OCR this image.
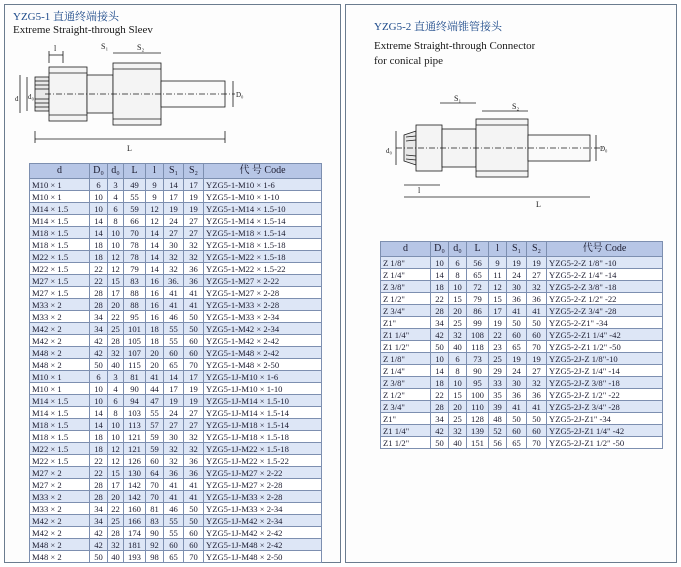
YZG5-1 直通终端接头
Extreme Straight-through Sleev
S₁	S₂
l
L
d d₀	D₀
d	D₀	d₀	L	l	S₁	S₂	代 号 Code
M10 × 1	6	3	49	9	14	17	YZG5-1-M10 × 1-6
M10 × 1	10	4	55	9	17	19	YZG5-1-M10 × 1-10
M14 × 1.5	10	6	59	12	19	19	YZG5-1-M14 × 1.5-10
M14 × 1.5	14	8	66	12	24	27	YZG5-1-M14 × 1.5-14
M18 × 1.5	14	10	70	14	27	27	YZG5-1-M18 × 1.5-14
M18 × 1.5	18	10	78	14	30	32	YZG5-1-M18 × 1.5-18
M22 × 1.5	18	12	78	14	32	32	YZG5-1-M22 × 1.5-18
M22 × 1.5	22	12	79	14	32	36	YZG5-1-M22 × 1.5-22
M27 × 1.5	22	15	83	16	36.	36	YZG5-1-M27 × 2-22
M27 × 1.5	28	17	88	16	41	41	YZG5-1-M27 × 2-28
M33 × 2	28	20	88	16	41	41	YZG5-1-M33 × 2-28
M33 × 2	34	22	95	16	46	50	YZG5-1-M33 × 2-34
M42 × 2	34	25	101	18	55	50	YZG5-1-M42 × 2-34
M42 × 2	42	28	105	18	55	60	YZG5-1-M42 × 2-42
M48 × 2	42	32	107	20	60	60	YZG5-1-M48 × 2-42
M48 × 2	50	40	115	20	65	70	YZG5-1-M48 × 2-50
M10 × 1	6	3	81	41	14	17	YZG5-1J-M10 × 1-6
M10 × 1	10	4	90	44	17	19	YZG5-1J-M10 × 1-10
M14 × 1.5	10	6	94	47	19	19	YZG5-1J-M14 × 1.5-10
M14 × 1.5	14	8	103	55	24	27	YZG5-1J-M14 × 1.5-14
M18 × 1.5	14	10	113	57	27	27	YZG5-1J-M18 × 1.5-14
M18 × 1.5	18	10	121	59	30	32	YZG5-1J-M18 × 1.5-18
M22 × 1.5	18	12	121	59	32	32	YZG5-1J-M22 × 1.5-18
M22 × 1.5	22	12	126	60	32	36	YZG5-1J-M22 × 1.5-22
M27 × 2	22	15	130	64	36	36	YZG5-1J-M27 × 2-22
M27 × 2	28	17	142	70	41	41	YZG5-1J-M27 × 2-28
M33 × 2	28	20	142	70	41	41	YZG5-1J-M33 × 2-28
M33 × 2	34	22	160	81	46	50	YZG5-1J-M33 × 2-34
M42 × 2	34	25	166	83	55	50	YZG5-1J-M42 × 2-34
M42 × 2	42	28	174	90	55	60	YZG5-1J-M42 × 2-42
M48 × 2	42	32	181	92	60	60	YZG5-1J-M48 × 2-42
M48 × 2	50	40	193	98	65	70	YZG5-1J-M48 × 2-50
YZG5-2 直通终端锥管接头
Extreme Straight-through Connector
for conical pipe
S₁
S₂
l
L
d₀	D₀
d	D₀	d₀	L	l	S₁	S₂	代号 Code
Z 1/8"	10	6	56	9	19	19	YZG5-2-Z 1/8" -10
Z 1/4"	14	8	65	11	24	27	YZG5-2-Z 1/4" -14
Z 3/8"	18	10	72	12	30	32	YZG5-2-Z 3/8" -18
Z 1/2"	22	15	79	15	36	36	YZG5-2-Z 1/2" -22
Z 3/4"	28	20	86	17	41	41	YZG5-2-Z 3/4" -28
Z1"	34	25	99	19	50	50	YZG5-2-Z1" -34
Z1 1/4"	42	32	108	22	60	60	YZG5-2-Z1 1/4" -42
Z1 1/2"	50	40	118	23	65	70	YZG5-2-Z1 1/2" -50
Z 1/8"	10	6	73	25	19	19	YZG5-2J-Z 1/8"-10
Z 1/4"	14	8	90	29	24	27	YZG5-2J-Z 1/4" -14
Z 3/8"	18	10	95	33	30	32	YZG5-2J-Z 3/8" -18
Z 1/2"	22	15	100	35	36	36	YZG5-2J-Z 1/2" -22
Z 3/4"	28	20	110	39	41	41	YZG5-2J-Z 3/4" -28
Z1"	34	25	128	48	50	50	YZG5-2J-Z1" -34
Z1 1/4"	42	32	139	52	60	60	YZG5-2J-Z1 1/4" -42
Z1 1/2"	50	40	151	56	65	70	YZG5-2J-Z1 1/2" -50
